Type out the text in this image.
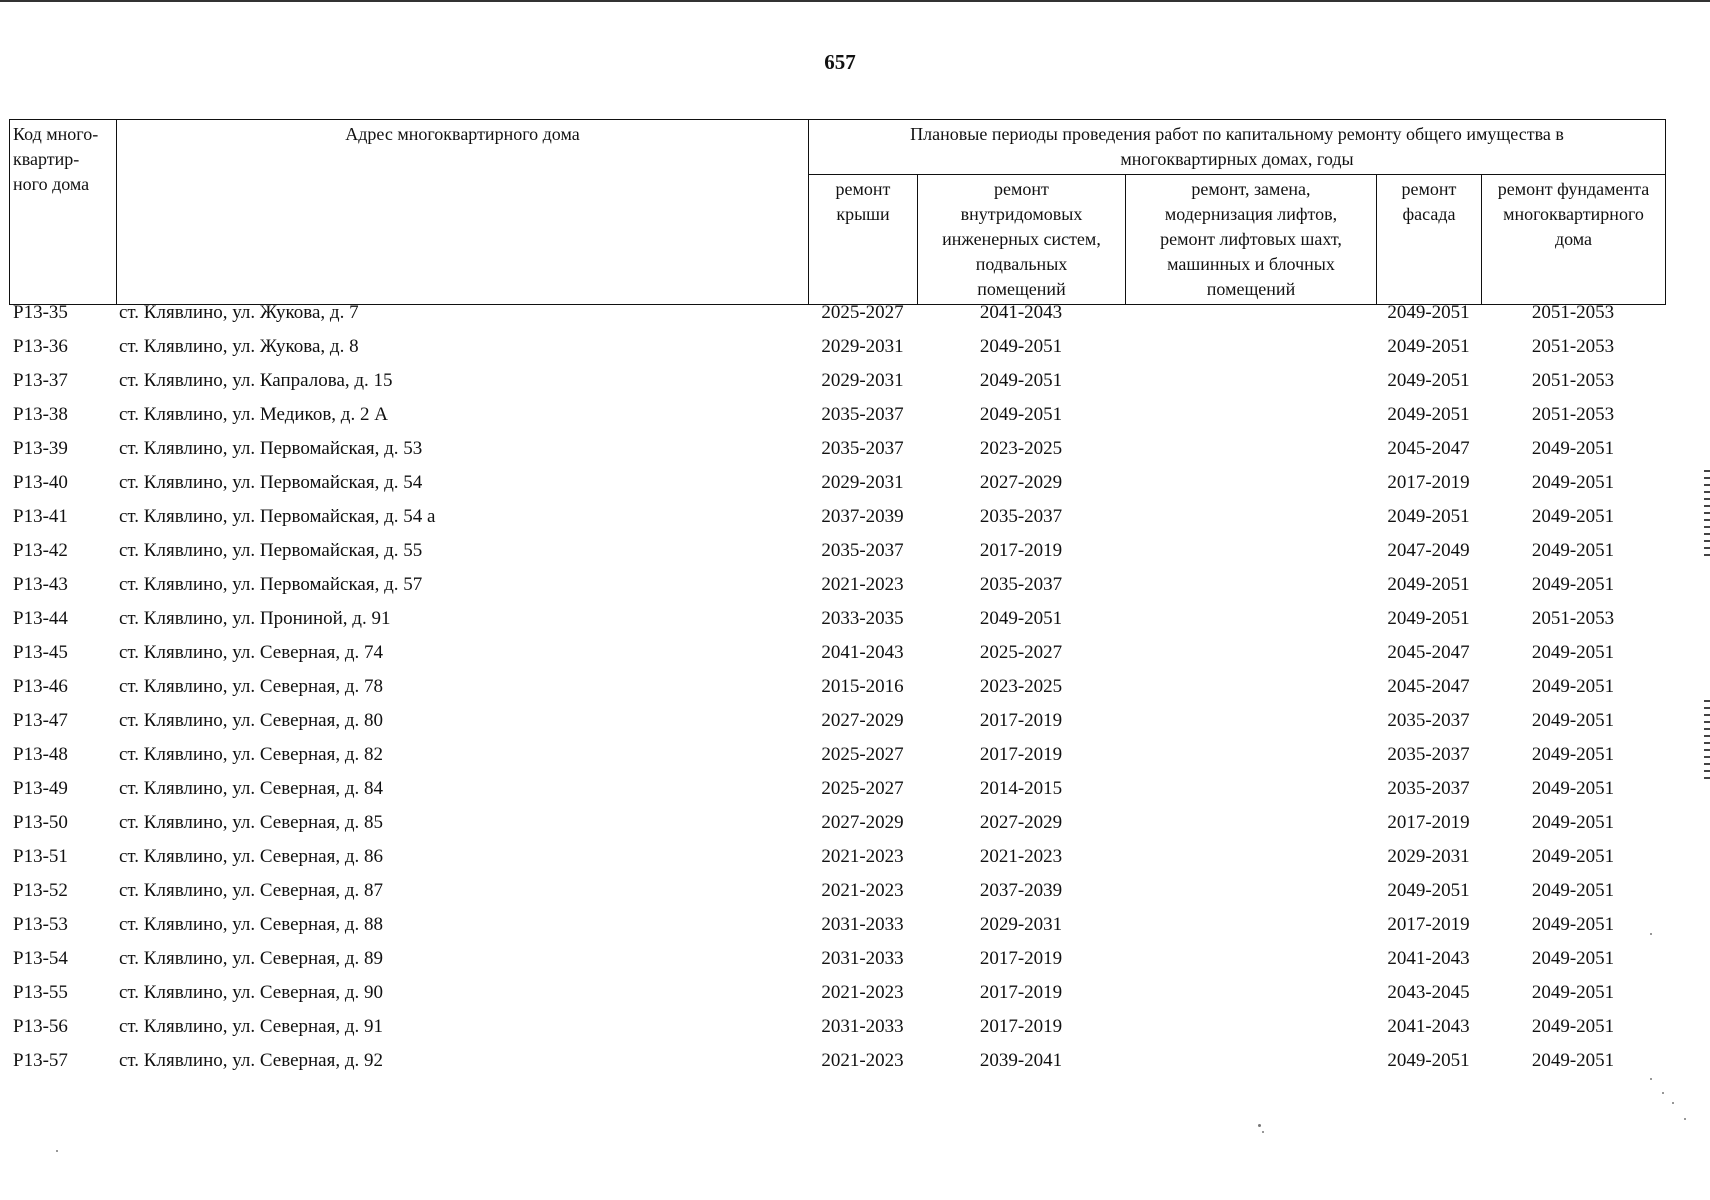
657
Код много-
квартир-
ного дома	Адрес многоквартирного дома	Плановые периоды проведения работ по капитальному ремонту общего имущества в
многоквартирных домах, годы				
		ремонт
крыши	ремонт
внутридомовых
инженерных систем,
подвальных
помещений	ремонт, замена,
модернизация лифтов,
ремонт лифтовых шахт,
машинных и блочных
помещений	ремонт
фасада	ремонт фундамента
многоквартирного
дома
Р13-35	ст. Клявлино, ул. Жукова, д. 7	2025-2027	2041-2043		2049-2051	2051-2053
Р13-36	ст. Клявлино, ул. Жукова, д. 8	2029-2031	2049-2051		2049-2051	2051-2053
Р13-37	ст. Клявлино, ул. Капралова, д. 15	2029-2031	2049-2051		2049-2051	2051-2053
Р13-38	ст. Клявлино, ул. Медиков, д. 2 А	2035-2037	2049-2051		2049-2051	2051-2053
Р13-39	ст. Клявлино, ул. Первомайская, д. 53	2035-2037	2023-2025		2045-2047	2049-2051
Р13-40	ст. Клявлино, ул. Первомайская, д. 54	2029-2031	2027-2029		2017-2019	2049-2051
Р13-41	ст. Клявлино, ул. Первомайская, д. 54 а	2037-2039	2035-2037		2049-2051	2049-2051
Р13-42	ст. Клявлино, ул. Первомайская, д. 55	2035-2037	2017-2019		2047-2049	2049-2051
Р13-43	ст. Клявлино, ул. Первомайская, д. 57	2021-2023	2035-2037		2049-2051	2049-2051
Р13-44	ст. Клявлино, ул. Прониной, д. 91	2033-2035	2049-2051		2049-2051	2051-2053
Р13-45	ст. Клявлино, ул. Северная, д. 74	2041-2043	2025-2027		2045-2047	2049-2051
Р13-46	ст. Клявлино, ул. Северная, д. 78	2015-2016	2023-2025		2045-2047	2049-2051
Р13-47	ст. Клявлино, ул. Северная, д. 80	2027-2029	2017-2019		2035-2037	2049-2051
Р13-48	ст. Клявлино, ул. Северная, д. 82	2025-2027	2017-2019		2035-2037	2049-2051
Р13-49	ст. Клявлино, ул. Северная, д. 84	2025-2027	2014-2015		2035-2037	2049-2051
Р13-50	ст. Клявлино, ул. Северная, д. 85	2027-2029	2027-2029		2017-2019	2049-2051
Р13-51	ст. Клявлино, ул. Северная, д. 86	2021-2023	2021-2023		2029-2031	2049-2051
Р13-52	ст. Клявлино, ул. Северная, д. 87	2021-2023	2037-2039		2049-2051	2049-2051
Р13-53	ст. Клявлино, ул. Северная, д. 88	2031-2033	2029-2031		2017-2019	2049-2051
Р13-54	ст. Клявлино, ул. Северная, д. 89	2031-2033	2017-2019		2041-2043	2049-2051
Р13-55	ст. Клявлино, ул. Северная, д. 90	2021-2023	2017-2019		2043-2045	2049-2051
Р13-56	ст. Клявлино, ул. Северная, д. 91	2031-2033	2017-2019		2041-2043	2049-2051
Р13-57	ст. Клявлино, ул. Северная, д. 92	2021-2023	2039-2041		2049-2051	2049-2051
